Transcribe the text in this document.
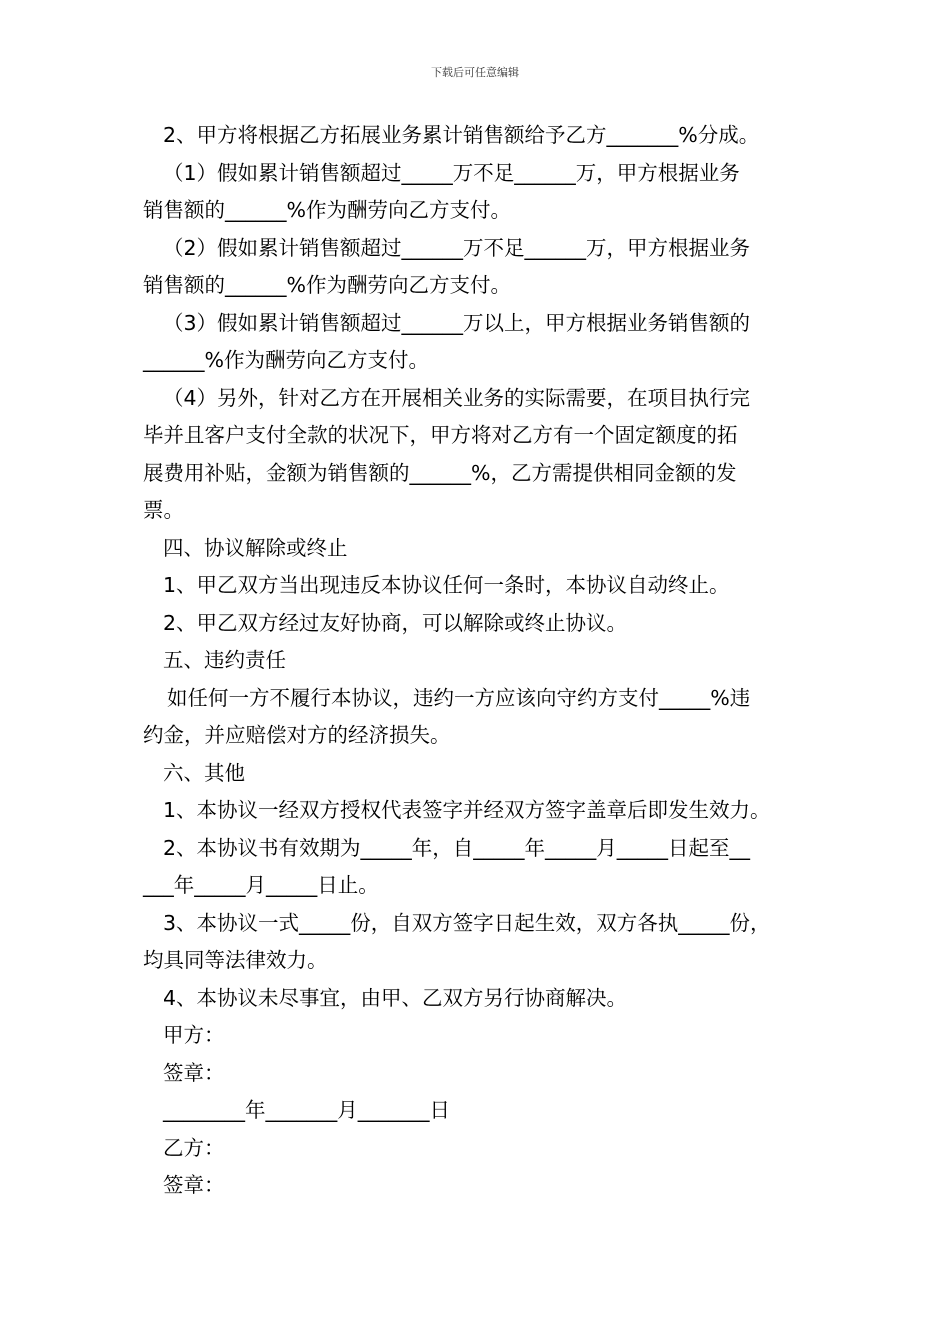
下载后可任意编辑
2、甲方将根据乙方拓展业务累计销售额给予乙方_______%分成。
（1）假如累计销售额超过_____万不足______万，甲方根据业务
销售额的______%作为酬劳向乙方支付。
（2）假如累计销售额超过______万不足______万，甲方根据业务
销售额的______%作为酬劳向乙方支付。
（3）假如累计销售额超过______万以上，甲方根据业务销售额的
______%作为酬劳向乙方支付。
（4）另外，针对乙方在开展相关业务的实际需要，在项目执行完
毕并且客户支付全款的状况下，甲方将对乙方有一个固定额度的拓
展费用补贴，金额为销售额的______%，乙方需提供相同金额的发
票。
四、协议解除或终止
1、甲乙双方当出现违反本协议任何一条时，本协议自动终止。
2、甲乙双方经过友好协商，可以解除或终止协议。
五、违约责任
如任何一方不履行本协议，违约一方应该向守约方支付_____%违
约金，并应赔偿对方的经济损失。
六、其他
1、本协议一经双方授权代表签字并经双方签字盖章后即发生效力。
2、本协议书有效期为_____年，自_____年_____月_____日起至__
___年_____月_____日止。
3、本协议一式_____份，自双方签字日起生效，双方各执_____份，
均具同等法律效力。
4、本协议未尽事宜，由甲、乙双方另行协商解决。
甲方：
签章：
________年_______月_______日
乙方：
签章：
